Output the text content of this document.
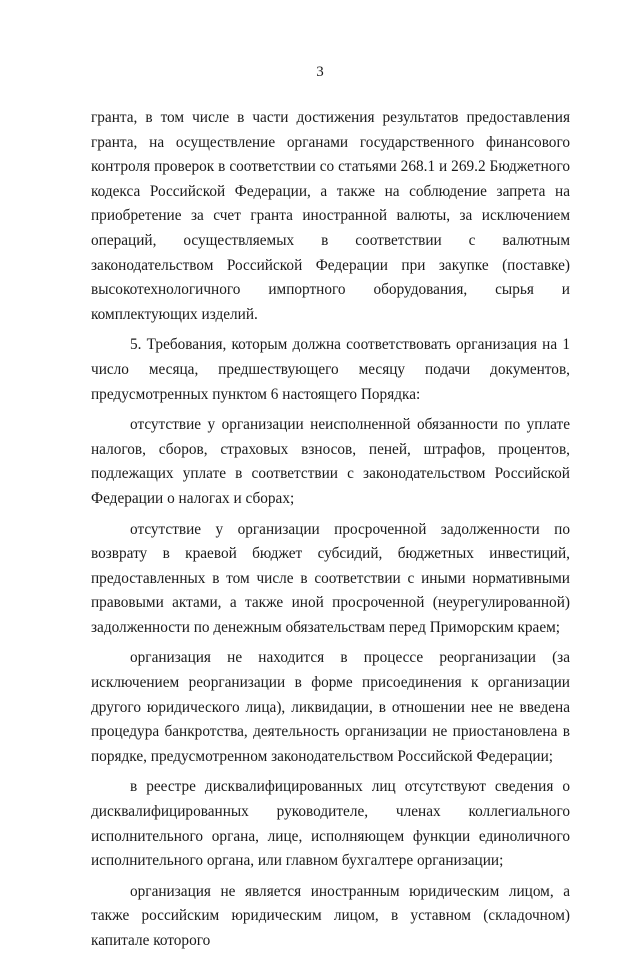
3

гранта, в том числе в части достижения результатов предоставления гранта, на осуществление органами государственного финансового контроля проверок в соответствии со статьями 268.1 и 269.2 Бюджетного кодекса Российской Федерации, а также на соблюдение запрета на приобретение за счет гранта иностранной валюты, за исключением операций, осуществляемых в соответствии с валютным законодательством Российской Федерации при закупке (поставке) высокотехнологичного импортного оборудования, сырья и комплектующих изделий.

5. Требования, которым должна соответствовать организация на 1 число месяца, предшествующего месяцу подачи документов, предусмотренных пунктом 6 настоящего Порядка:

отсутствие у организации неисполненной обязанности по уплате налогов, сборов, страховых взносов, пеней, штрафов, процентов, подлежащих уплате в соответствии с законодательством Российской Федерации о налогах и сборах;

отсутствие у организации просроченной задолженности по возврату в краевой бюджет субсидий, бюджетных инвестиций, предоставленных в том числе в соответствии с иными нормативными правовыми актами, а также иной просроченной (неурегулированной) задолженности по денежным обязательствам перед Приморским краем;

организация не находится в процессе реорганизации (за исключением реорганизации в форме присоединения к организации другого юридического лица), ликвидации, в отношении нее не введена процедура банкротства, деятельность организации не приостановлена в порядке, предусмотренном законодательством Российской Федерации;

в реестре дисквалифицированных лиц отсутствуют сведения о дисквалифицированных руководителе, членах коллегиального исполнительного органа, лице, исполняющем функции единоличного исполнительного органа, или главном бухгалтере организации;

организация не является иностранным юридическим лицом, а также российским юридическим лицом, в уставном (складочном) капитале которого
